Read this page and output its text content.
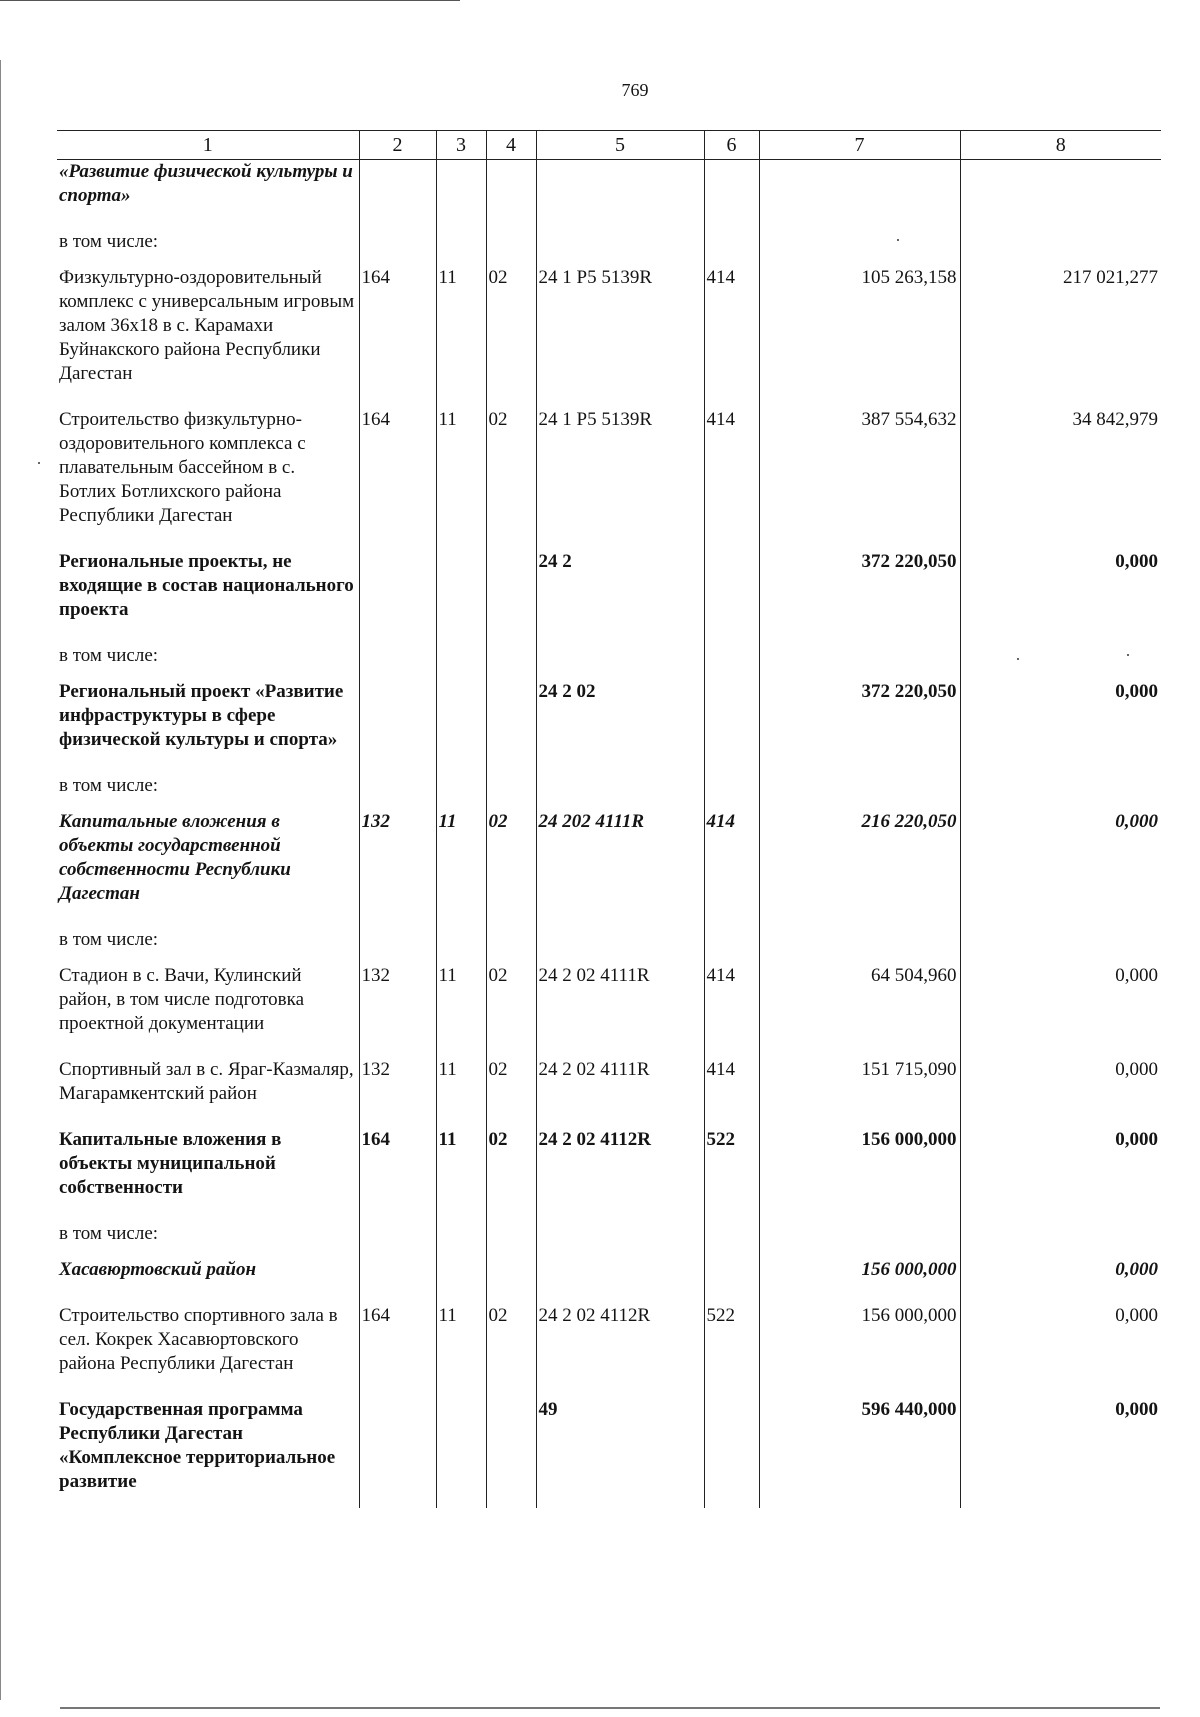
769
1	2	3	4	5	6	7	8
«Развитие физической культуры и спорта»							
в том числе:							
Физкультурно-оздоровительный комплекс с универсальным игровым залом 36х18 в с. Карамахи Буйнакского района Республики Дагестан	164	11	02	24 1 P5 5139R	414	105 263,158	217 021,277
Строительство физкультурно-оздоровительного комплекса с плавательным бассейном в с. Ботлих Ботлихского района Республики Дагестан	164	11	02	24 1 P5 5139R	414	387 554,632	34 842,979
Региональные проекты, не входящие в состав национального проекта				24 2		372 220,050	0,000
в том числе:							
Региональный проект «Развитие инфраструктуры в сфере физической культуры и спорта»				24 2 02		372 220,050	0,000
в том числе:							
Капитальные вложения в объекты государственной собственности Республики Дагестан	132	11	02	24 202 4111R	414	216 220,050	0,000
в том числе:							
Стадион в с. Вачи, Кулинский район, в том числе подготовка проектной документации	132	11	02	24 2 02 4111R	414	64 504,960	0,000
Спортивный зал в с. Яраг-Казмаляр, Магарамкентский район	132	11	02	24 2 02 4111R	414	151 715,090	0,000
Капитальные вложения в объекты муниципальной собственности	164	11	02	24 2 02 4112R	522	156 000,000	0,000
в том числе:							
Хасавюртовский район						156 000,000	0,000
Строительство спортивного зала в сел. Кокрек Хасавюртовского района Республики Дагестан	164	11	02	24 2 02 4112R	522	156 000,000	0,000
Государственная программа Республики Дагестан «Комплексное территориальное развитие				49		596 440,000	0,000
